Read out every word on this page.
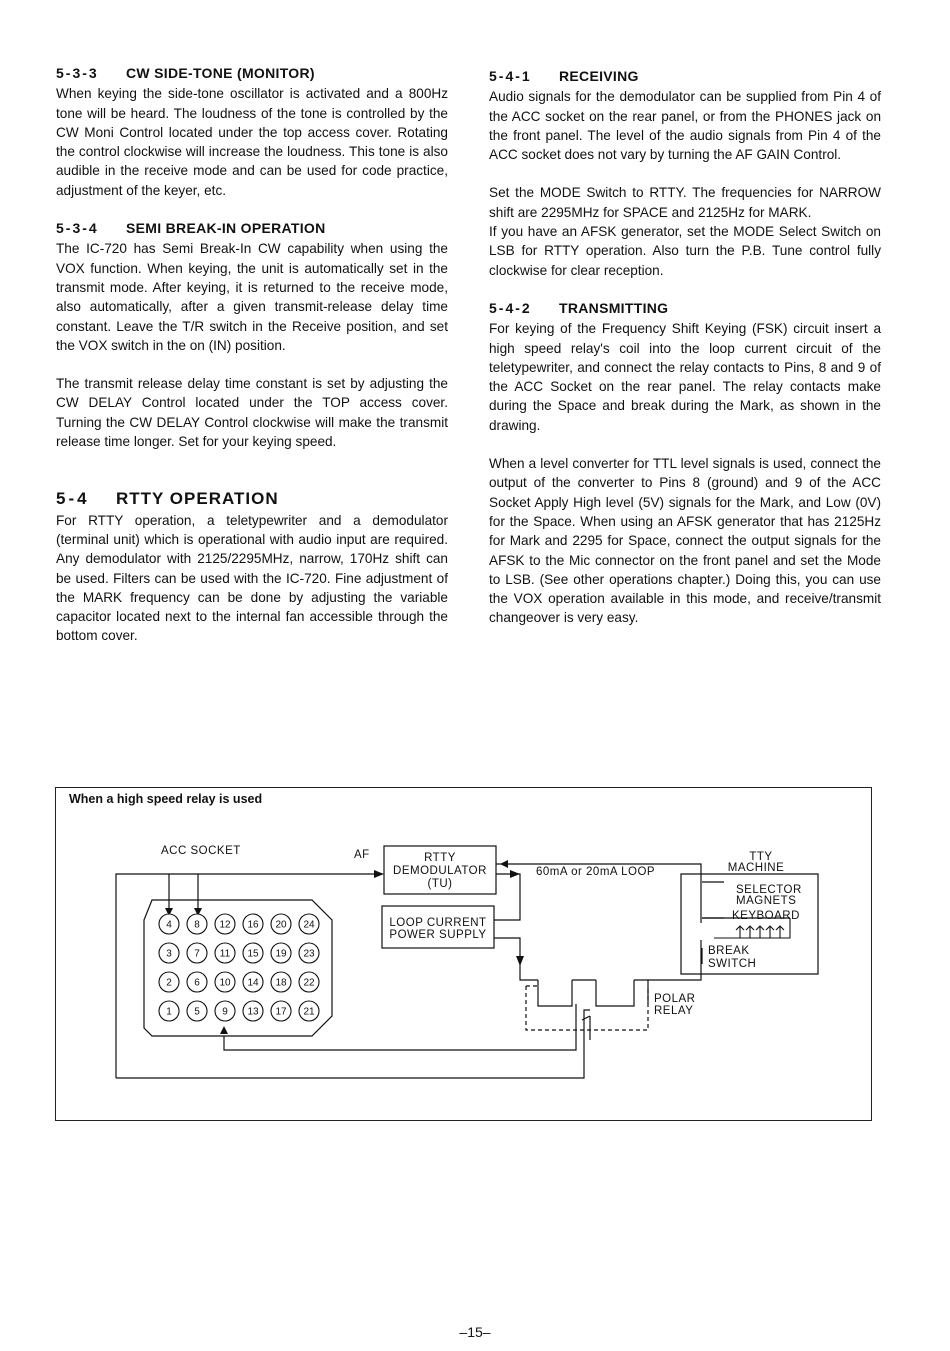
5-3-3 CW SIDE-TONE (MONITOR)

When keying the side-tone oscillator is activated and a 800Hz tone will be heard. The loudness of the tone is controlled by the CW Moni Control located under the top access cover. Rotating the control clockwise will increase the loudness. This tone is also audible in the receive mode and can be used for code practice, adjustment of the keyer, etc.

5-3-4 SEMI BREAK-IN OPERATION

The IC-720 has Semi Break-In CW capability when using the VOX function. When keying, the unit is automatically set in the transmit mode. After keying, it is returned to the receive mode, also automatically, after a given transmit-release delay time constant. Leave the T/R switch in the Receive position, and set the VOX switch in the on (IN) position.

The transmit release delay time constant is set by adjusting the CW DELAY Control located under the TOP access cover. Turning the CW DELAY Control clockwise will make the transmit release time longer. Set for your keying speed.

5-4 RTTY OPERATION

For RTTY operation, a teletypewriter and a demodulator (terminal unit) which is operational with audio input are required. Any demodulator with 2125/2295MHz, narrow, 170Hz shift can be used. Filters can be used with the IC-720. Fine adjustment of the MARK frequency can be done by adjusting the variable capacitor located next to the internal fan accessible through the bottom cover.

5-4-1 RECEIVING

Audio signals for the demodulator can be supplied from Pin 4 of the ACC socket on the rear panel, or from the PHONES jack on the front panel. The level of the audio signals from Pin 4 of the ACC socket does not vary by turning the AF GAIN Control.

Set the MODE Switch to RTTY. The frequencies for NARROW shift are 2295MHz for SPACE and 2125Hz for MARK.

If you have an AFSK generator, set the MODE Select Switch on LSB for RTTY operation. Also turn the P.B. Tune control fully clockwise for clear reception.

5-4-2 TRANSMITTING

For keying of the Frequency Shift Keying (FSK) circuit insert a high speed relay's coil into the loop current circuit of the teletypewriter, and connect the relay contacts to Pins, 8 and 9 of the ACC Socket on the rear panel. The relay contacts make during the Space and break during the Mark, as shown in the drawing.

When a level converter for TTL level signals is used, connect the output of the converter to Pins 8 (ground) and 9 of the ACC Socket Apply High level (5V) signals for the Mark, and Low (0V) for the Space. When using an AFSK generator that has 2125Hz for Mark and 2295 for Space, connect the output signals for the AFSK to the Mic connector on the front panel and set the Mode to LSB. (See other operations chapter.) Doing this, you can use the VOX operation available in this mode, and receive/transmit changeover is very easy.

When a high speed relay is used
4 8 12 16 20 24
3 7 11 15 19 23
2 6 10 14 18 22
1 5 9 13 17 21
ACC SOCKET	AF	RTTY
DEMODULATOR
(TU)
60mA or 20mA LOOP
LOOP CURRENT
POWER SUPPLY
TTY
MACHINE
SELECTOR
MAGNETS
KEYBOARD
BREAK
SWITCH
POLAR
RELAY
–15–
